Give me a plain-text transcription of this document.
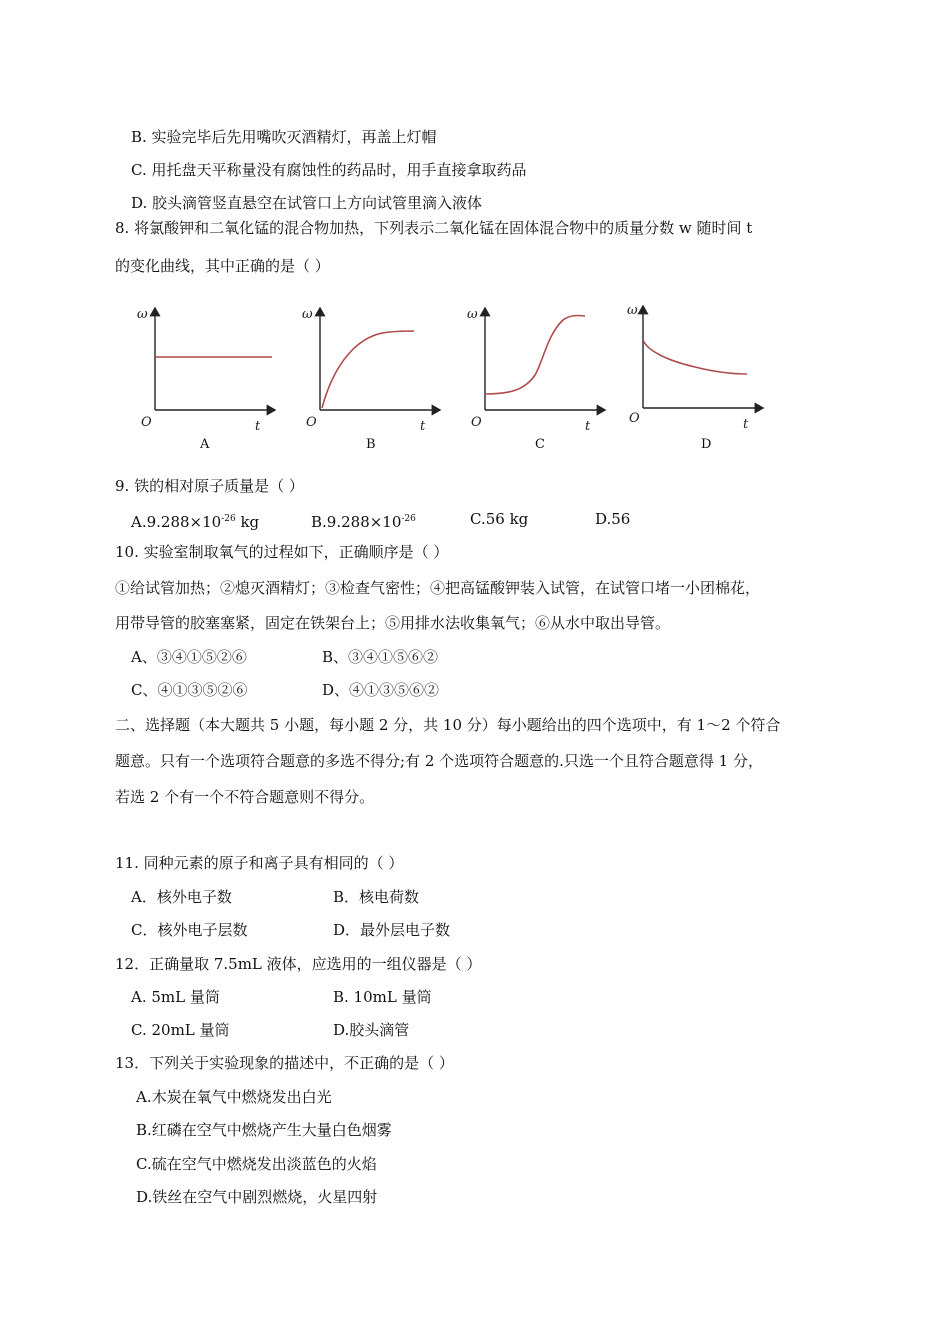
B. 实验完毕后先用嘴吹灭酒精灯，再盖上灯帽
C. 用托盘天平称量没有腐蚀性的药品时，用手直接拿取药品
D. 胶头滴管竖直悬空在试管口上方向试管里滴入液体
8. 将氯酸钾和二氧化锰的混合物加热，下列表示二氧化锰在固体混合物中的质量分数 w 随时间 t
的变化曲线，其中正确的是（ ）
ω
O	t
A
ω
O	t
B
ω
O	t
C
ω
O	t
D
9. 铁的相对原子质量是（ ）
$A.9.288\times 10^{-26}$ kg	$B.9.288\times 10^{-26}$	C.56 kg	D.56
10. 实验室制取氧气的过程如下，正确顺序是（ ）
①给试管加热；②熄灭酒精灯；③检查气密性；④把高锰酸钾装入试管，在试管口堵一小团棉花，
用带导管的胶塞塞紧，固定在铁架台上；⑤用排水法收集氧气；⑥从水中取出导管。
A、③④①⑤②⑥	B、③④①⑤⑥②
C、④①③⑤②⑥	D、④①③⑤⑥②
二、选择题（本大题共 5 小题，每小题 2 分，共 10 分）每小题给出的四个选项中，有 1～2 个符合
题意。只有一个选项符合题意的多选不得分;有 2 个选项符合题意的.只选一个且符合题意得 1 分，
若选 2 个有一个不符合题意则不得分。
11. 同种元素的原子和离子具有相同的（ ）
A．核外电子数	B．核电荷数
C．核外电子层数	D．最外层电子数
12．正确量取 7.5mL 液体，应选用的一组仪器是（ ）
A. 5mL 量筒	B. 10mL 量筒
C. 20mL 量筒	D.胶头滴管
13．下列关于实验现象的描述中，不正确的是（ ）
A.木炭在氧气中燃烧发出白光
B.红磷在空气中燃烧产生大量白色烟雾
C.硫在空气中燃烧发出淡蓝色的火焰
D.铁丝在空气中剧烈燃烧，火星四射
